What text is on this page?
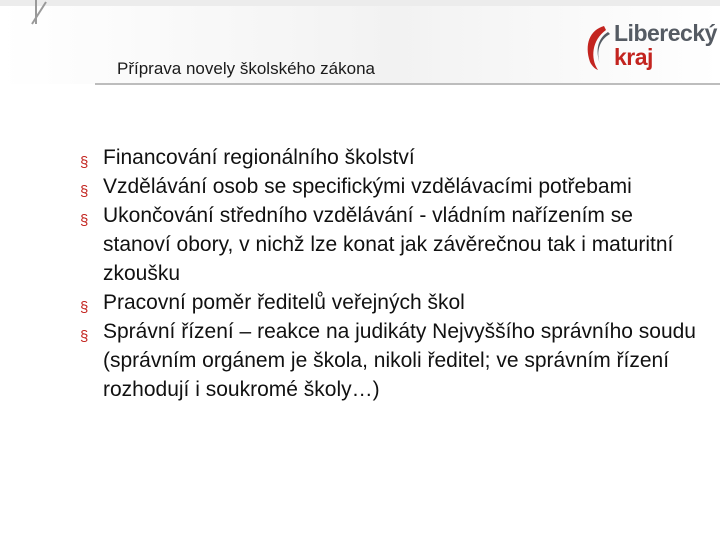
Příprava novely školského zákona
Liberecký
kraj
§ Financování regionálního školství
§ Vzdělávání osob se specifickými vzdělávacími potřebami
§ Ukončování středního vzdělávání - vládním nařízením se stanoví obory, v nichž lze konat jak závěrečnou tak i maturitní zkoušku
§ Pracovní poměr ředitelů veřejných škol
§ Správní řízení – reakce na judikáty Nejvyššího správního soudu (správním orgánem je škola, nikoli ředitel; ve správním řízení rozhodují i soukromé školy…)
